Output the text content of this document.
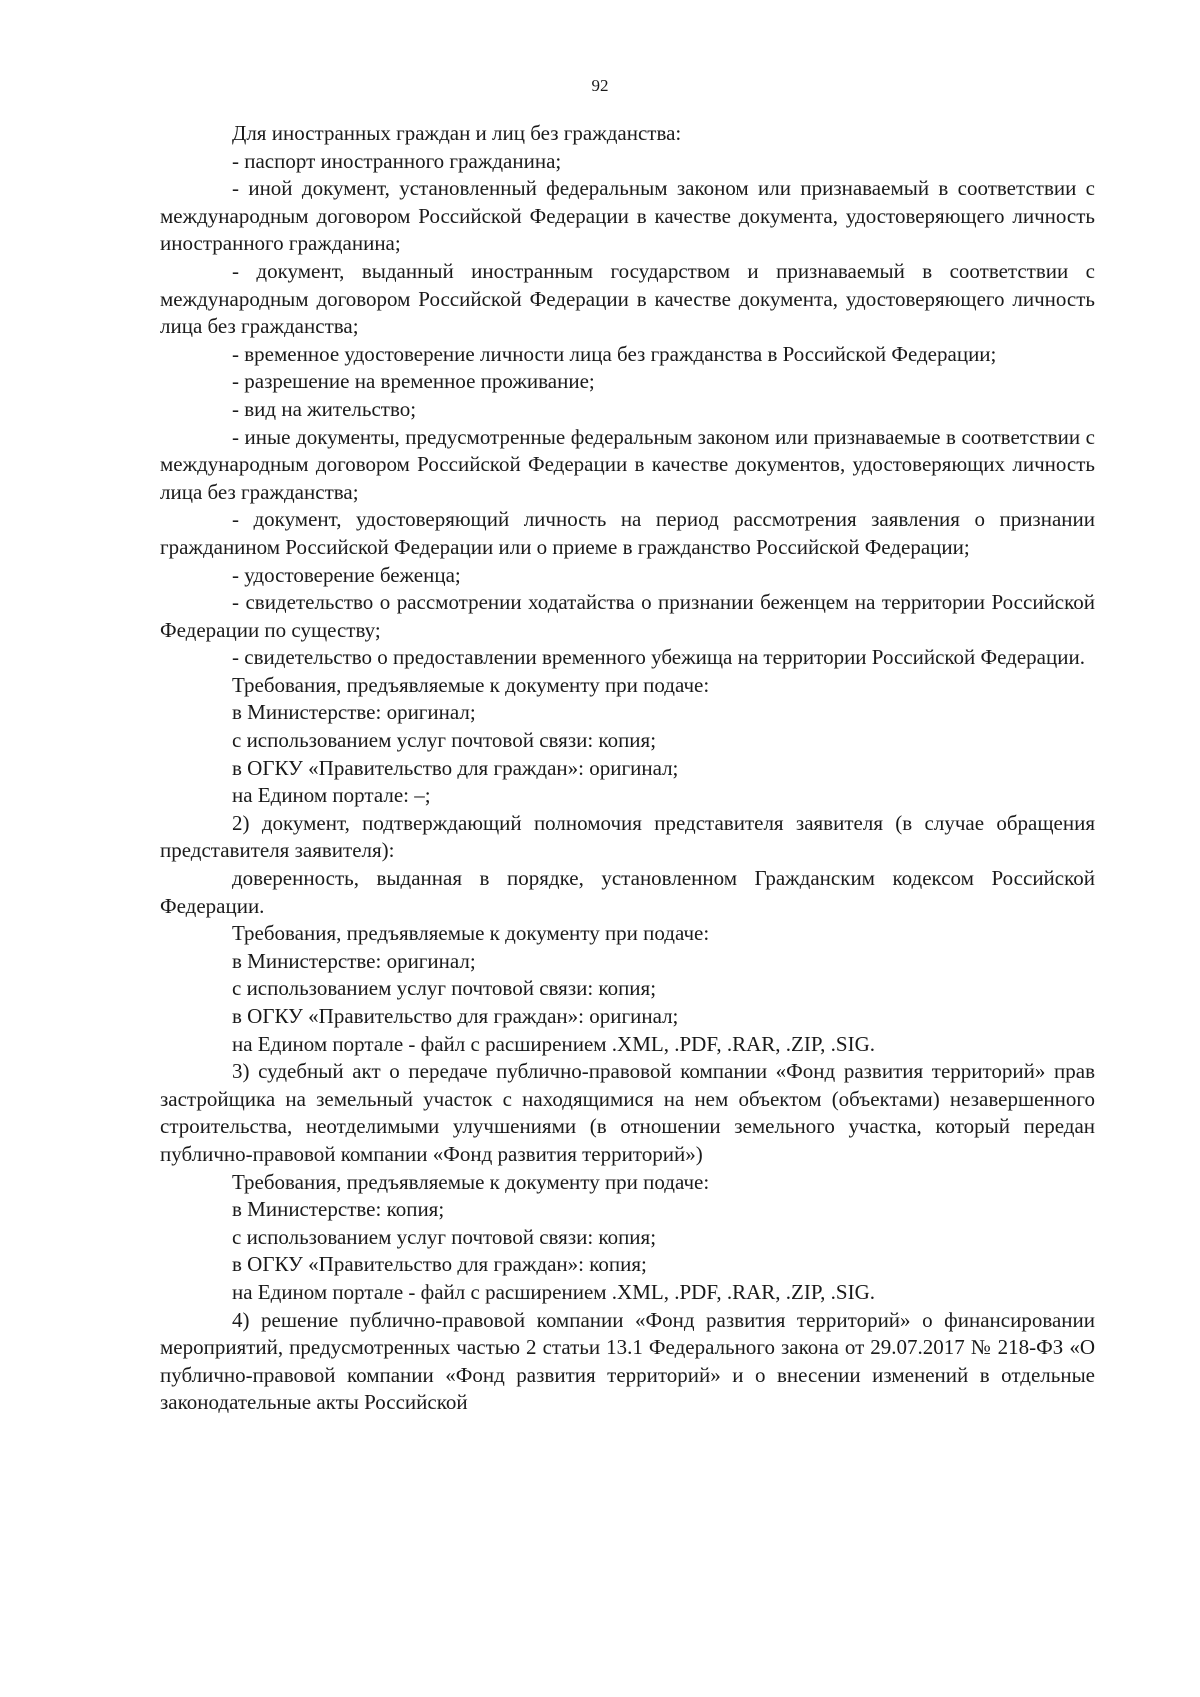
92

Для иностранных граждан и лиц без гражданства:

- паспорт иностранного гражданина;

- иной документ, установленный федеральным законом или признаваемый в соответствии с международным договором Российской Федерации в качестве документа, удостоверяющего личность иностранного гражданина;

- документ, выданный иностранным государством и признаваемый в соответствии с международным договором Российской Федерации в качестве документа, удостоверяющего личность лица без гражданства;

- временное удостоверение личности лица без гражданства в Российской Федерации;

- разрешение на временное проживание;

- вид на жительство;

- иные документы, предусмотренные федеральным законом или признаваемые в соответствии с международным договором Российской Федерации в качестве документов, удостоверяющих личность лица без гражданства;

- документ, удостоверяющий личность на период рассмотрения заявления о признании гражданином Российской Федерации или о приеме в гражданство Российской Федерации;

- удостоверение беженца;

- свидетельство о рассмотрении ходатайства о признании беженцем на территории Российской Федерации по существу;

- свидетельство о предоставлении временного убежища на территории Российской Федерации.

Требования, предъявляемые к документу при подаче:

в Министерстве: оригинал;

с использованием услуг почтовой связи: копия;

в ОГКУ «Правительство для граждан»: оригинал;

на Едином портале: –;

2) документ, подтверждающий полномочия представителя заявителя (в случае обращения представителя заявителя):

доверенность, выданная в порядке, установленном Гражданским кодексом Российской Федерации.

Требования, предъявляемые к документу при подаче:

в Министерстве: оригинал;

с использованием услуг почтовой связи: копия;

в ОГКУ «Правительство для граждан»: оригинал;

на Едином портале - файл с расширением .XML, .PDF, .RAR, .ZIP, .SIG.

3) судебный акт о передаче публично-правовой компании «Фонд развития территорий» прав застройщика на земельный участок с находящимися на нем объектом (объектами) незавершенного строительства, неотделимыми улучшениями (в отношении земельного участка, который передан публично-правовой компании «Фонд развития территорий»)

Требования, предъявляемые к документу при подаче:

в Министерстве: копия;

с использованием услуг почтовой связи: копия;

в ОГКУ «Правительство для граждан»: копия;

на Едином портале - файл с расширением .XML, .PDF, .RAR, .ZIP, .SIG.

4) решение публично-правовой компании «Фонд развития территорий» о финансировании мероприятий, предусмотренных частью 2 статьи 13.1 Федерального закона от 29.07.2017 № 218-ФЗ «О публично-правовой компании «Фонд развития территорий» и о внесении изменений в отдельные законодательные акты Российской
